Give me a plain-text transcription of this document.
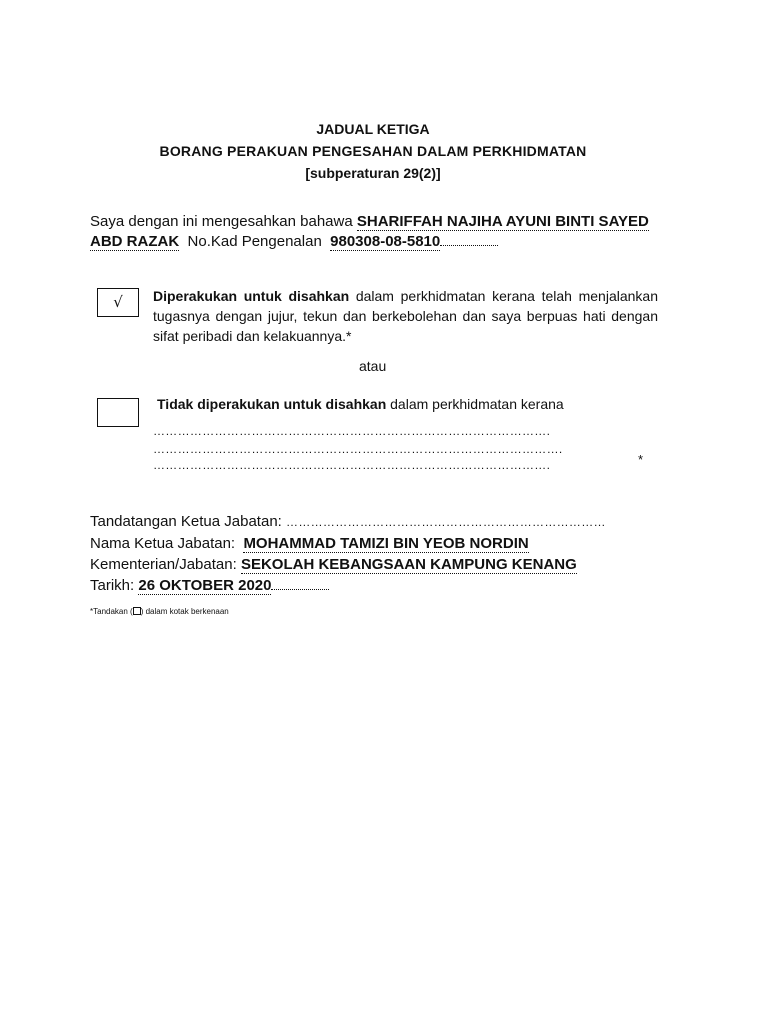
JADUAL KETIGA
BORANG PERAKUAN PENGESAHAN DALAM PERKHIDMATAN
[subperaturan 29(2)]
Saya dengan ini mengesahkan bahawa SHARIFFAH NAJIHA AYUNI BINTI SAYED
ABD RAZAK No.Kad Pengenalan 980308-08-5810
√	Diperakukan untuk disahkan dalam perkhidmatan kerana telah menjalankan tugasnya dengan jujur, tekun dan berkebolehan dan saya berpuas hati dengan sifat peribadi dan kelakuannya.*
atau
Tidak diperakukan untuk disahkan dalam perkhidmatan kerana
…………………………………………………………………………………….
……………………………………………………………………………………….
…………………………………………………………………………………….	*
Tandatangan Ketua Jabatan: ……………………………………………………………………
Nama Ketua Jabatan: MOHAMMAD TAMIZI BIN YEOB NORDIN
Kementerian/Jabatan: SEKOLAH KEBANGSAAN KAMPUNG KENANG
Tarikh: 26 OKTOBER 2020
*Tandakan ( ) dalam kotak berkenaan
